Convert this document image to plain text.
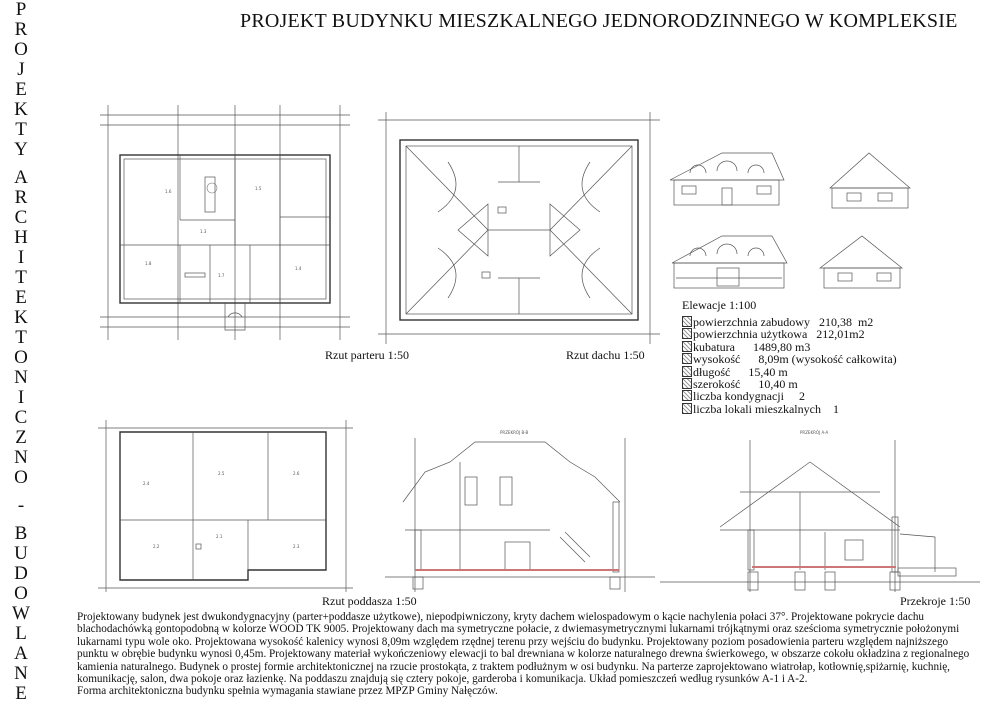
P
R
O
J
E
K
T
Y

A
R
C
H
I
T
E
K
T
O
N
I
C
Z
N
O

-

B
U
D
O
W
L
A
N
E
PROJEKT BUDYNKU MIESZKALNEGO JEDNORODZINNEGO W KOMPLEKSIE
1.6
1.3
1.8
1.7
1.4
1.5
Rzut parteru 1:50	Rzut dachu 1:50
Elewacje 1:100
powierzchnia zabudowy   210,38  m2
powierzchnia użytkowa   212,01m2
kubatura      1489,80 m3
wysokość      8,09m (wysokość całkowita)
długość      15,40 m
szerokość      10,40 m
liczba kondygnacji     2
liczba lokali mieszkalnych    1
2.4
2.5	2.6
2.2
2.1
2.3
Rzut poddasza 1:50
PRZEKRÓJ B-B	PRZEKRÓJ A-A
Przekroje 1:50
Projektowany budynek jest dwukondygnacyjny (parter+poddasze użytkowe), niepodpiwniczony, kryty dachem wielospadowym o kącie nachylenia połaci 37°. Projektowane pokrycie dachu blachodachówką gontopodobną w kolorze WOOD TK 9005. Projektowany dach ma symetryczne połacie, z dwiemasymetrycznymi lukarnami trójkątnymi oraz sześcioma symetrycznie położonymi lukarnami typu wole oko. Projektowana wysokość kalenicy wynosi 8,09m względem rzędnej terenu przy wejściu do budynku. Projektowany poziom posadowienia parteru względem najniższego punktu w obrębie budynku wynosi 0,45m. Projektowany materiał wykończeniowy elewacji to bal drewniana w kolorze naturalnego drewna świerkowego, w obszarze cokołu okładzina z regionalnego kamienia naturalnego. Budynek o prostej formie architektonicznej na rzucie prostokąta, z traktem podłużnym w osi budynku. Na parterze zaprojektowano wiatrołap, kotłownię,spiżarnię, kuchnię, komunikację, salon, dwa pokoje oraz łazienkę. Na poddaszu znajdują się cztery pokoje, garderoba i komunikacja. Układ pomieszczeń według rysunków A-1 i A-2.
Forma architektoniczna budynku spełnia wymagania stawiane przez MPZP Gminy Nałęczów.
